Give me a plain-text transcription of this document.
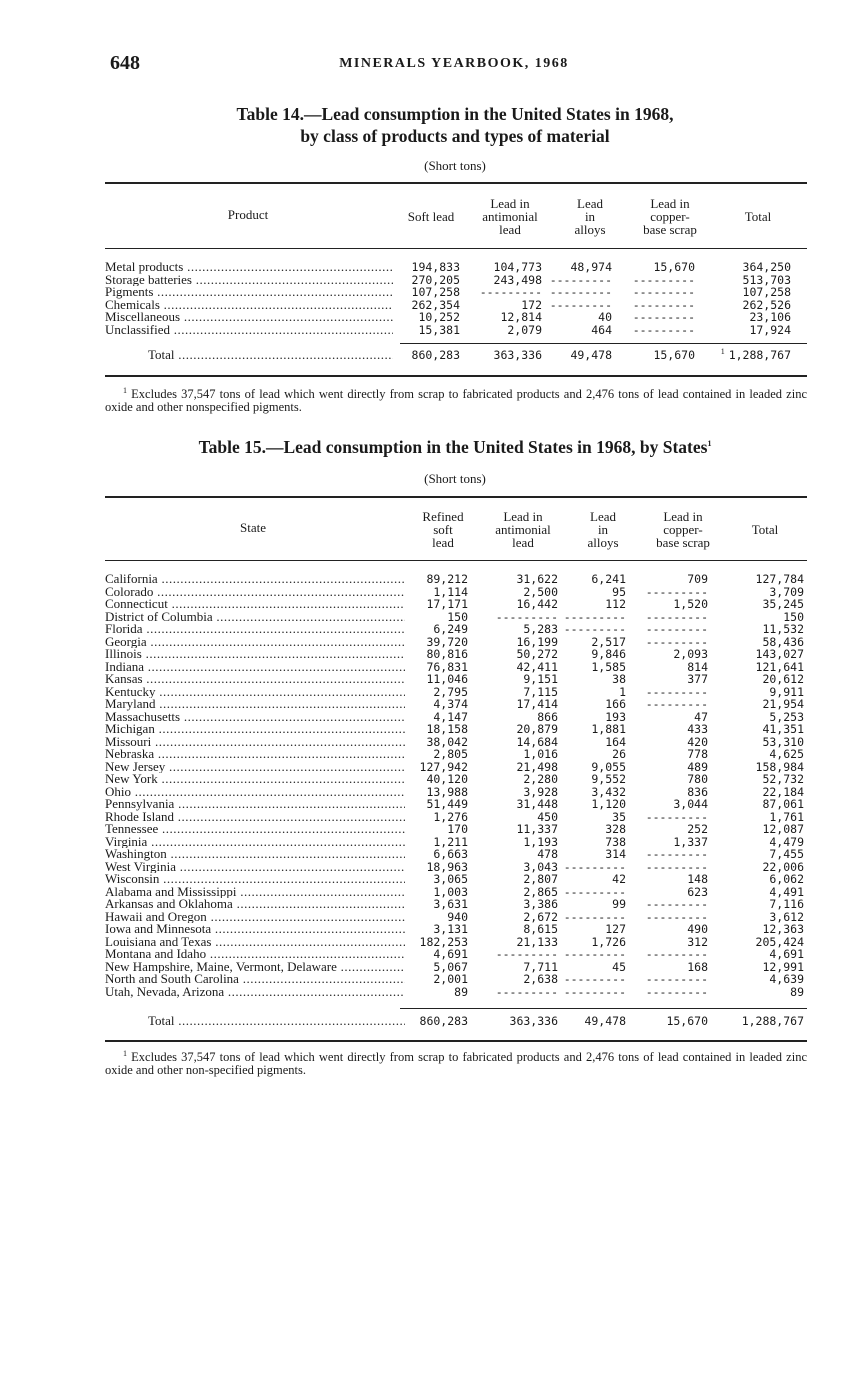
648	MINERALS YEARBOOK, 1968
Table 14.—Lead consumption in the United States in 1968,
by class of products and types of material
(Short tons)
Product	Soft lead
Lead in
antimonial
lead
Lead
in
alloys
Lead in
copper-
base scrap
Total
Metal products .....	194,833	104,773 48,974	15,670	364,250
Storage batteries .....	270,205	243,498 --------- ---------	513,703
Pigments .....	107,258 --------- --------- ---------	107,258
Chemicals .....	262,354	172 --------- ---------	262,526
Miscellaneous .....	10,252	12,814	40 ---------	23,106
Unclassified .....	15,381	2,079	464 ---------	17,924
Total .....	860,283	363,336 49,478	15,670	$^1$ 1,288,767
$^1$ Excludes 37,547 tons of lead which went directly from scrap to fabricated products and 2,476 tons of lead contained in leaded zinc oxide and other nonspecified pigments.
Table 15.—Lead consumption in the United States in 1968, by States$^1$
(Short tons)
State
Refined
soft
lead
Lead in
antimonial
lead
Lead
in
alloys
Lead in
copper-
base scrap
Total
California .....	89,212	31,622	6,241	709	127,784
Colorado .....	1,114	2,500	95 ---------	3,709
Connecticut .....	17,171	16,442	112	1,520	35,245
District of Columbia .....	150 --------- --------- ---------	150
Florida .....	6,249	5,283 --------- ---------	11,532
Georgia .....	39,720	16,199	2,517 ---------	58,436
Illinois .....	80,816	50,272	9,846	2,093	143,027
Indiana .....	76,831	42,411	1,585	814	121,641
Kansas .....	11,046	9,151	38	377	20,612
Kentucky .....	2,795	7,115	1 ---------	9,911
Maryland .....	4,374	17,414	166 ---------	21,954
Massachusetts .....	4,147	866	193	47	5,253
Michigan .....	18,158	20,879	1,881	433	41,351
Missouri .....	38,042	14,684	164	420	53,310
Nebraska .....	2,805	1,016	26	778	4,625
New Jersey .....	127,942	21,498	9,055	489	158,984
New York .....	40,120	2,280	9,552	780	52,732
Ohio .....	13,988	3,928	3,432	836	22,184
Pennsylvania .....	51,449	31,448	1,120	3,044	87,061
Rhode Island .....	1,276	450	35 ---------	1,761
Tennessee .....	170	11,337	328	252	12,087
Virginia .....	1,211	1,193	738	1,337	4,479
Washington .....	6,663	478	314 ---------	7,455
West Virginia .....	18,963	3,043 --------- ---------	22,006
Wisconsin .....	3,065	2,807	42	148	6,062
Alabama and Mississippi .....	1,003	2,865 ---------	623	4,491
Arkansas and Oklahoma .....	3,631	3,386	99 ---------	7,116
Hawaii and Oregon .....	940	2,672 --------- ---------	3,612
Iowa and Minnesota .....	3,131	8,615	127	490	12,363
Louisiana and Texas .....	182,253	21,133	1,726	312	205,424
Montana and Idaho .....	4,691 --------- --------- ---------	4,691
New Hampshire, Maine, Vermont, Delaware .....	5,067	7,711	45	168	12,991
North and South Carolina .....	2,001	2,638 --------- ---------	4,639
Utah, Nevada, Arizona .....	89 --------- --------- ---------	89
Total .....	860,283	363,336 49,478	15,670	1,288,767
$^1$ Excludes 37,547 tons of lead which went directly from scrap to fabricated products and 2,476 tons of lead contained in leaded zinc oxide and other non-specified pigments.
